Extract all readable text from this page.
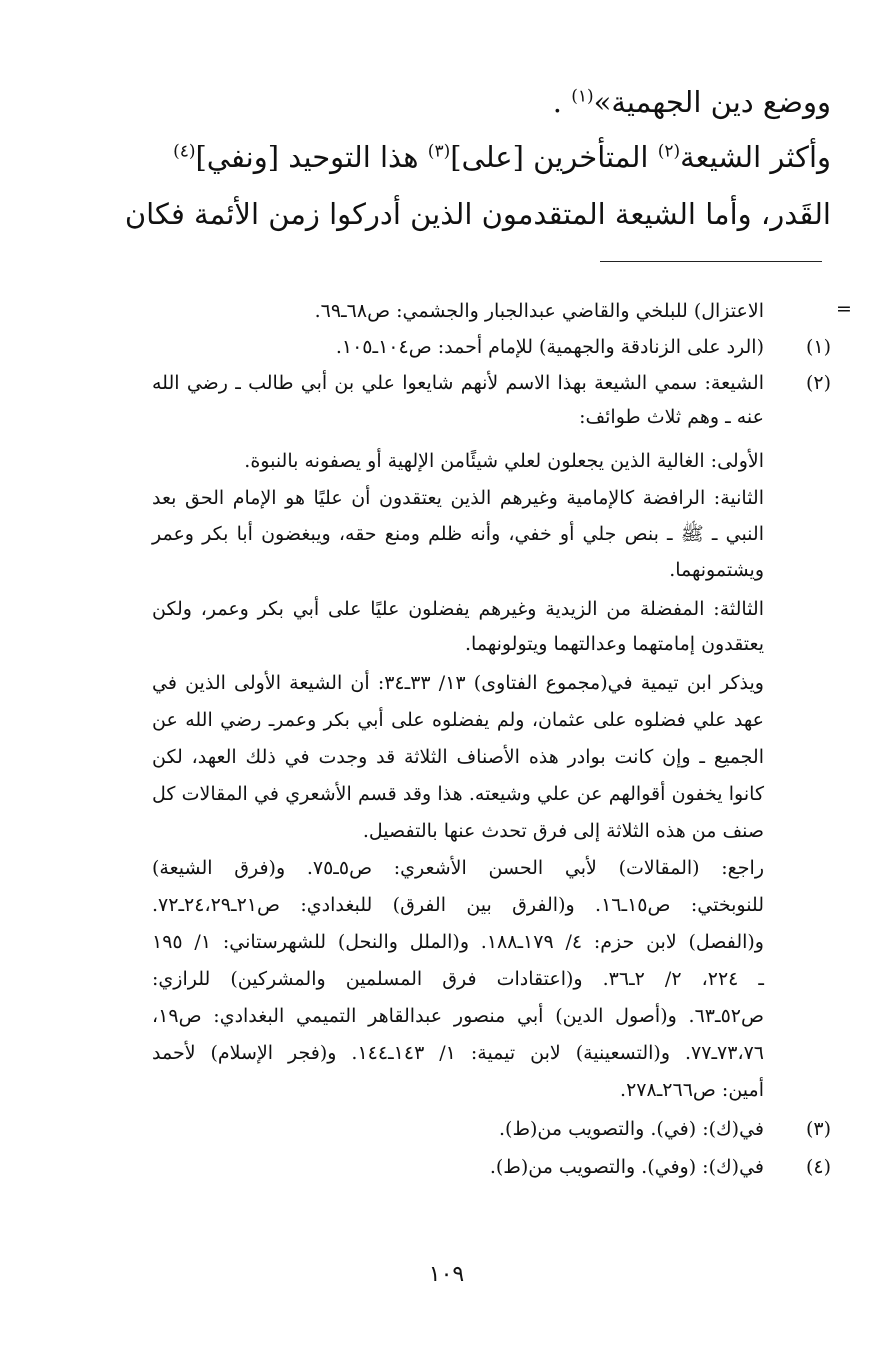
ووضع دين الجهمية»$^{(١)}$ .
وأكثر الشيعة$^{(٢)}$ المتأخرين [على]$^{(٣)}$ هذا التوحيد [ونفي]$^{(٤)}$
القَدر، وأما الشيعة المتقدمون الذين أدركوا زمن الأئمة فكان
=
الاعتزال) للبلخي والقاضي عبدالجبار والجشمي: ص٦٨ـ٦٩.
(١)
(الرد على الزنادقة والجهمية) للإمام أحمد: ص١٠٤ـ١٠٥.
(٢)
الشيعة: سمي الشيعة بهذا الاسم لأنهم شايعوا علي بن أبي طالب ـ رضي الله
عنه ـ وهم ثلاث طوائف:
الأولى: الغالية الذين يجعلون لعلي شيئًامن الإلهية أو يصفونه بالنبوة.
الثانية: الرافضة كالإمامية وغيرهم الذين يعتقدون أن عليًا هو الإمام الحق بعد
النبي ـ ﷺ ـ بنص جلي أو خفي، وأنه ظلم ومنع حقه، ويبغضون أبا بكر وعمر
ويشتمونهما.
الثالثة: المفضلة من الزيدية وغيرهم يفضلون عليًا على أبي بكر وعمر، ولكن
يعتقدون إمامتهما وعدالتهما ويتولونهما.
ويذكر ابن تيمية في(مجموع الفتاوى) ١٣/ ٣٣ـ٣٤: أن الشيعة الأولى الذين في
عهد علي فضلوه على عثمان، ولم يفضلوه على أبي بكر وعمرـ رضي الله عن
الجميع ـ وإن كانت بوادر هذه الأصناف الثلاثة قد وجدت في ذلك العهد، لكن
كانوا يخفون أقوالهم عن علي وشيعته. هذا وقد قسم الأشعري في المقالات كل
صنف من هذه الثلاثة إلى فرق تحدث عنها بالتفصيل.
راجع: (المقالات) لأبي الحسن الأشعري: ص٥ـ٧٥. و(فرق الشيعة)
للنوبختي: ص١٥ـ١٦. و(الفرق بين الفرق) للبغدادي: ص٢١ـ٢٤،٢٩ـ٧٢.
و(الفصل) لابن حزم: ٤/ ١٧٩ـ١٨٨. و(الملل والنحل) للشهرستاني: ١/ ١٩٥
ـ ٢٢٤، ٢/ ٢ـ٣٦. و(اعتقادات فرق المسلمين والمشركين) للرازي:
ص٥٢ـ٦٣. و(أصول الدين) أبي منصور عبدالقاهر التميمي البغدادي: ص١٩،
٧٣،٧٦ـ٧٧. و(التسعينية) لابن تيمية: ١/ ١٤٣ـ١٤٤. و(فجر الإسلام) لأحمد
أمين: ص٢٦٦ـ٢٧٨.
(٣)
في(ك): (في). والتصويب من(ط).
(٤)
في(ك): (وفي). والتصويب من(ط).
١٠٩
